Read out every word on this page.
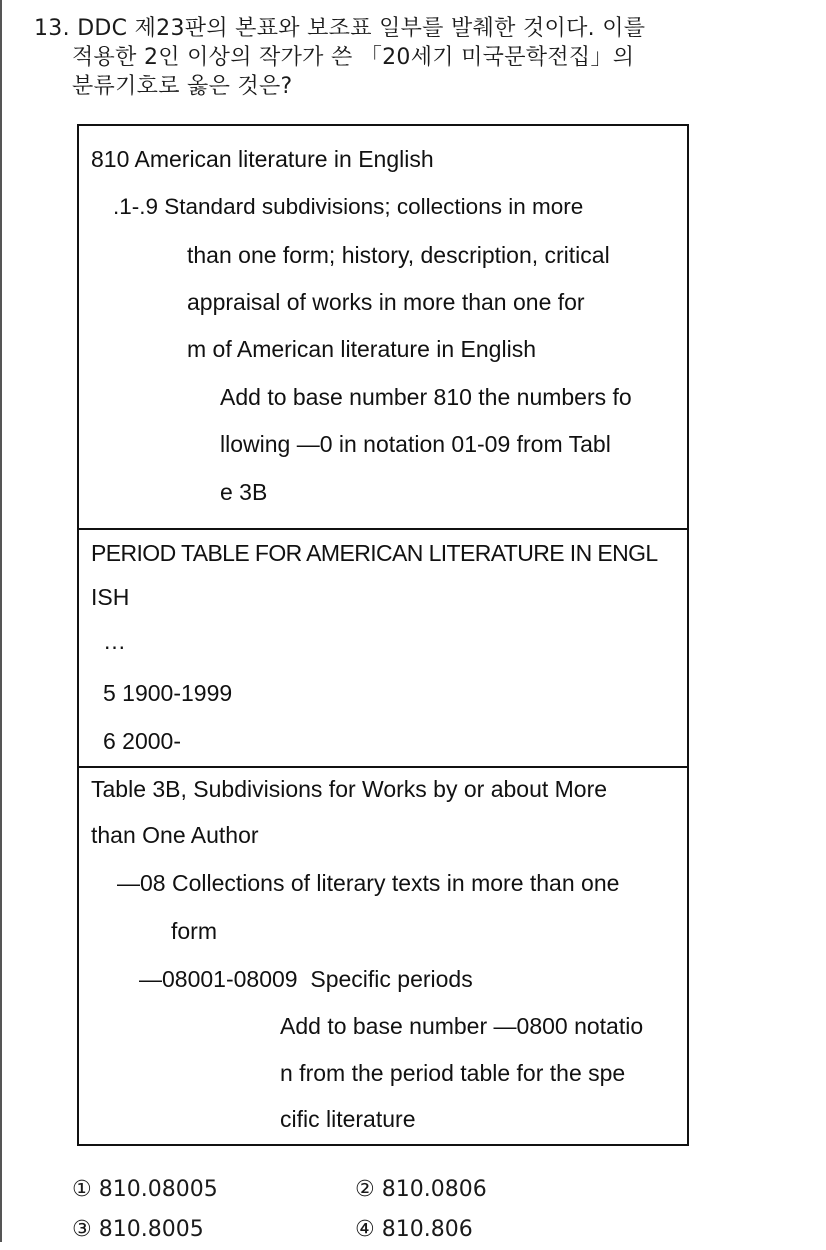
13. DDC 제23판의 본표와 보조표 일부를 발췌한 것이다. 이를
적용한 2인 이상의 작가가 쓴 「20세기 미국문학전집」의
분류기호로 옳은 것은?
810 American literature in English
.1-.9 Standard subdivisions; collections in more
than one form; history, description, critical
appraisal of works in more than one for
m of American literature in English
Add to base number 810 the numbers fo
llowing —0 in notation 01-09 from Tabl
e 3B
PERIOD TABLE FOR AMERICAN LITERATURE IN ENGL
ISH
…
5 1900-1999
6 2000-
Table 3B, Subdivisions for Works by or about More
than One Author
—08 Collections of literary texts in more than one
form
—08001-08009  Specific periods
Add to base number —0800 notatio
n from the period table for the spe
cific literature
① 810.08005	② 810.0806
③ 810.8005	④ 810.806
